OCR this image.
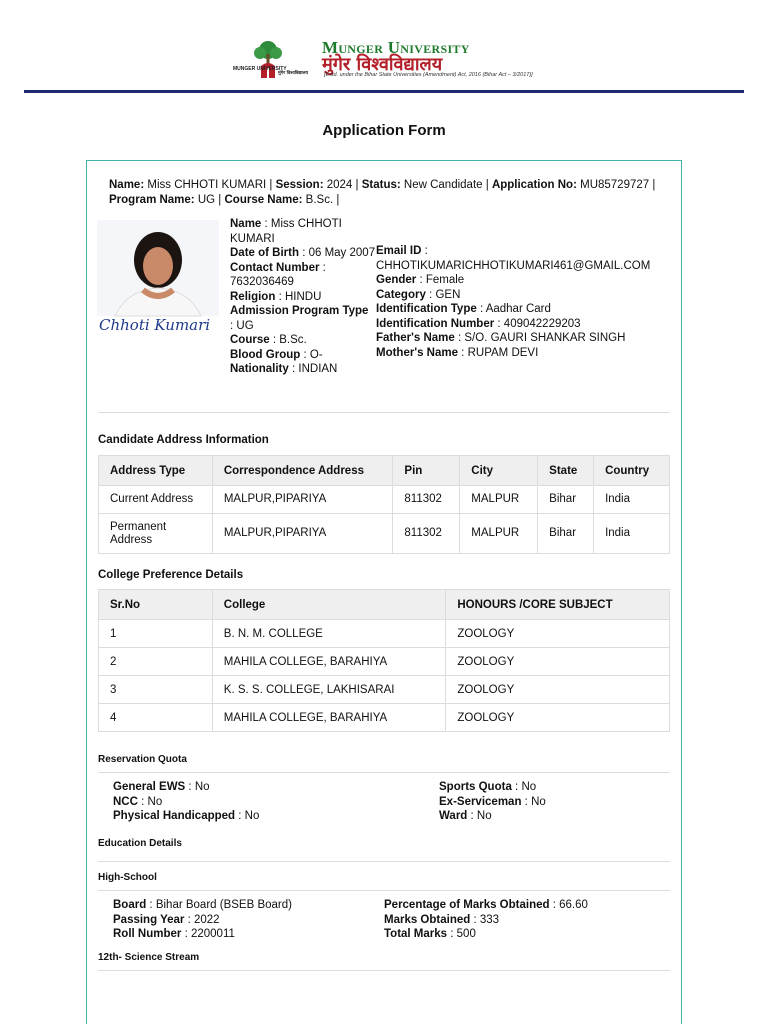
MUNGER UNIVERSITY
मुंगेर विश्वविद्यालय
Munger University
मुंगेर विश्वविद्यालय
[Estd. under the Bihar State Universities (Amendment) Act, 2016 (Bihar Act – 3/2017)]
Application Form
Name: Miss CHHOTI KUMARI | Session: 2024 | Status: New Candidate | Application No: MU85729727 | Program Name: UG | Course Name: B.Sc. |
Chhoti Kumari
Name : Miss CHHOTI KUMARI
Date of Birth : 06 May 2007
Contact Number : 7632036469
Religion : HINDU
Admission Program Type
: UG
Course : B.Sc.
Blood Group : O-
Nationality : INDIAN
Email ID :
CHHOTIKUMARICHHOTIKUMARI461@GMAIL.COM
Gender : Female
Category : GEN
Identification Type : Aadhar Card
Identification Number : 409042229203
Father's Name : S/O. GAURI SHANKAR SINGH
Mother's Name : RUPAM DEVI
Candidate Address Information
Address Type	Correspondence Address	Pin	City	State	Country
Current Address	MALPUR,PIPARIYA	811302	MALPUR	Bihar	India
Permanent Address	MALPUR,PIPARIYA	811302	MALPUR	Bihar	India
College Preference Details
Sr.No	College	HONOURS /CORE SUBJECT
1	B. N. M. COLLEGE	ZOOLOGY
2	MAHILA COLLEGE, BARAHIYA	ZOOLOGY
3	K. S. S. COLLEGE, LAKHISARAI	ZOOLOGY
4	MAHILA COLLEGE, BARAHIYA	ZOOLOGY
Reservation Quota
General EWS : No
NCC : No
Physical Handicapped : No
Sports Quota : No
Ex-Serviceman : No
Ward : No
Education Details
High-School
Board : Bihar Board (BSEB Board)
Passing Year : 2022
Roll Number : 2200011
Percentage of Marks Obtained : 66.60
Marks Obtained : 333
Total Marks : 500
12th- Science Stream
